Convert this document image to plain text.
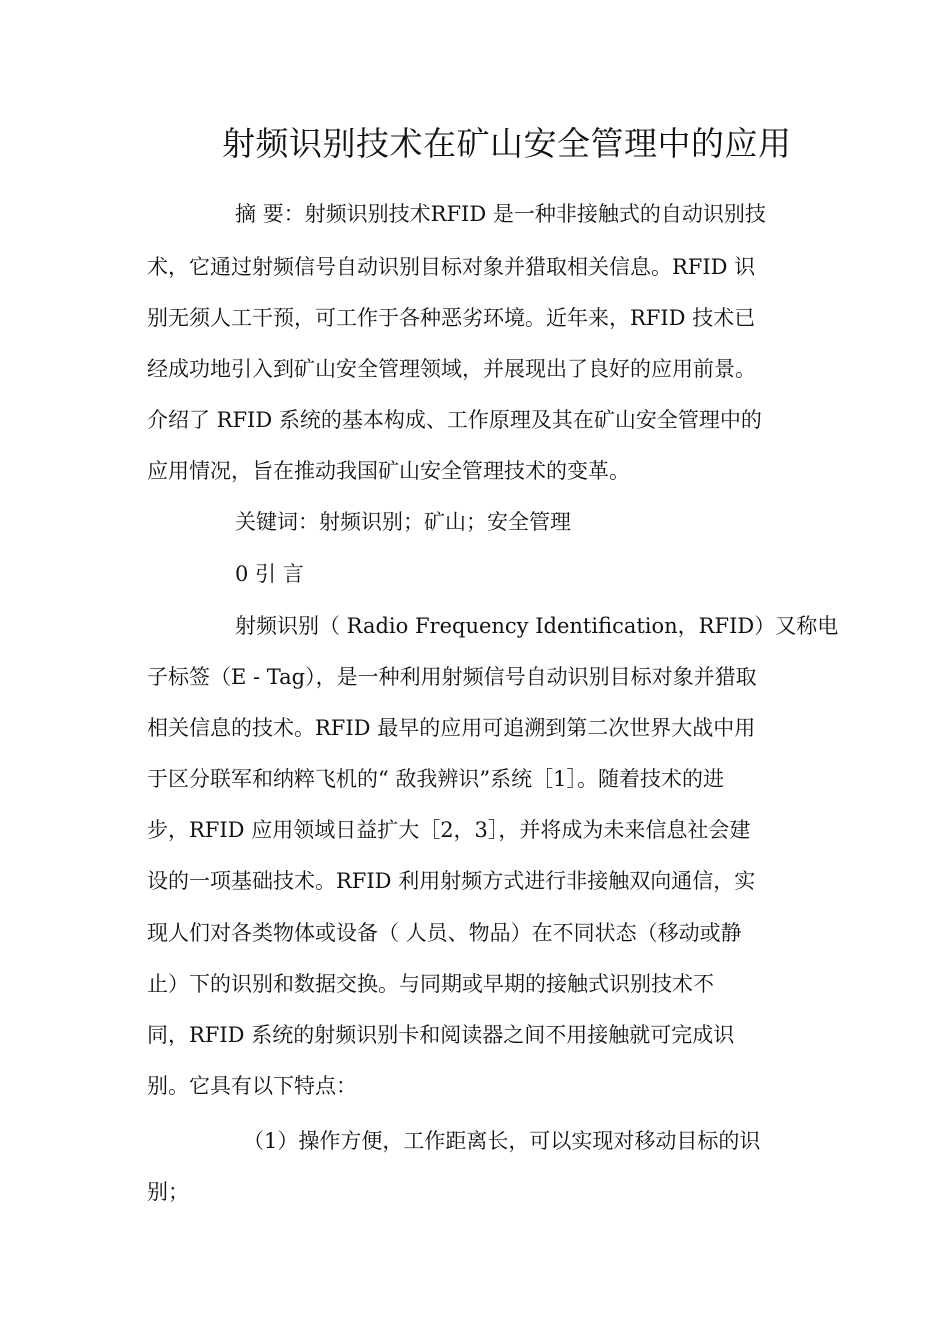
射频识别技术在矿山安全管理中的应用
摘 要：射频识别技术RFID 是一种非接触式的自动识别技
术，它通过射频信号自动识别目标对象并猎取相关信息。RFID 识
别无须人工干预，可工作于各种恶劣环境。近年来，RFID 技术已
经成功地引入到矿山安全管理领域，并展现出了良好的应用前景。
介绍了 RFID 系统的基本构成、工作原理及其在矿山安全管理中的
应用情况，旨在推动我国矿山安全管理技术的变革。
关键词：射频识别；矿山；安全管理
0 引 言
射频识别（ Radio Frequency Identification，RFID）又称电
子标签（E - Tag），是一种利用射频信号自动识别目标对象并猎取
相关信息的技术。RFID 最早的应用可追溯到第二次世界大战中用
于区分联军和纳粹飞机的“ 敌我辨识”系统［1］。随着技术的进
步，RFID 应用领域日益扩大［2，3］，并将成为未来信息社会建
设的一项基础技术。RFID 利用射频方式进行非接触双向通信，实
现人们对各类物体或设备（ 人员、物品）在不同状态（移动或静
止）下的识别和数据交换。与同期或早期的接触式识别技术不
同，RFID 系统的射频识别卡和阅读器之间不用接触就可完成识
别。它具有以下特点：
（1）操作方便，工作距离长，可以实现对移动目标的识
别；
